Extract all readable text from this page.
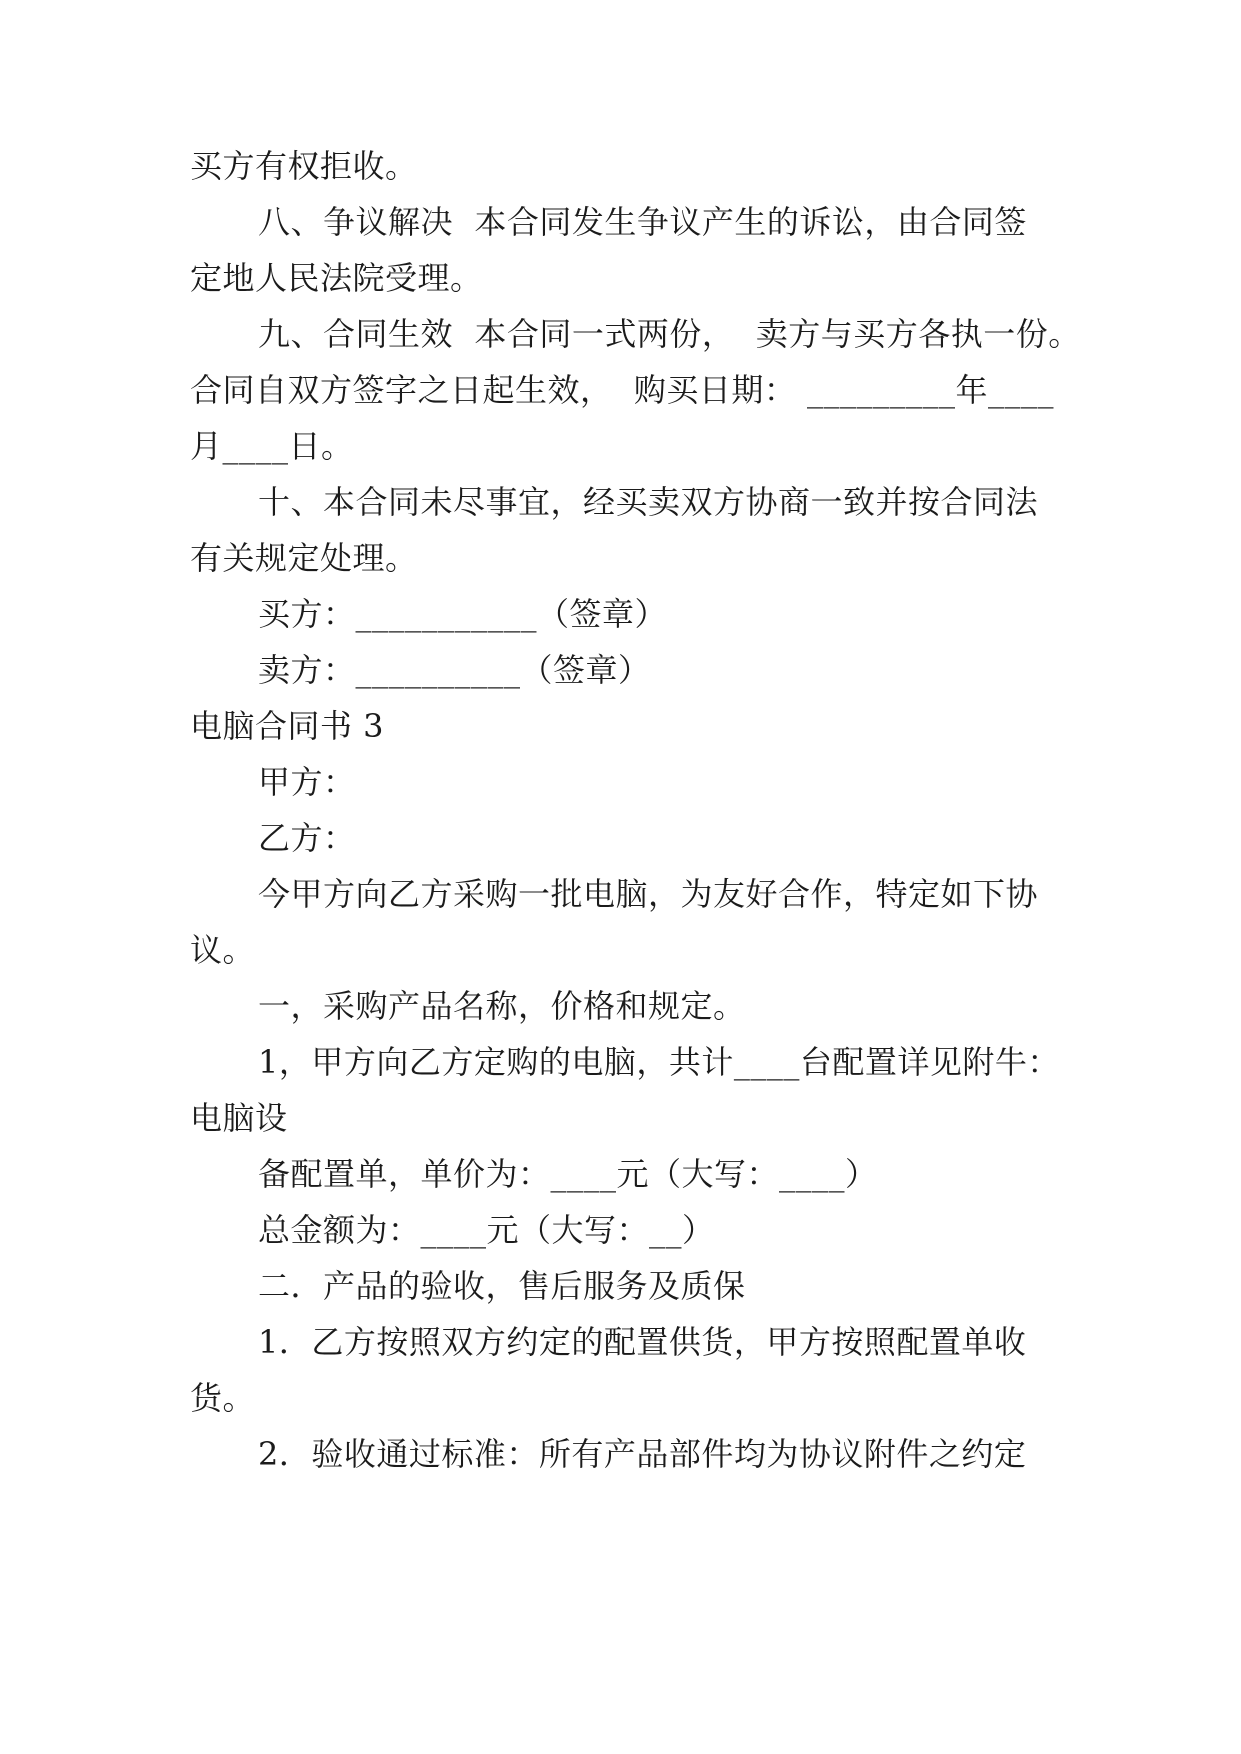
买方有权拒收。
八、争议解决  本合同发生争议产生的诉讼，由合同签
定地人民法院受理。
九、合同生效  本合同一式两份，  卖方与买方各执一份。
合同自双方签字之日起生效，  购买日期： _________年____
月____日。
十、本合同未尽事宜，经买卖双方协商一致并按合同法
有关规定处理。
买方：___________（签章）
卖方：__________（签章）
电脑合同书 3
甲方：
乙方：
今甲方向乙方采购一批电脑，为友好合作，特定如下协
议。
一，采购产品名称，价格和规定。
1，甲方向乙方定购的电脑，共计____台配置详见附牛：
电脑设
备配置单，单价为：____元（大写：____）
总金额为：____元（大写：__）
二．产品的验收，售后服务及质保
1．乙方按照双方约定的配置供货，甲方按照配置单收
货。
2．验收通过标准：所有产品部件均为协议附件之约定
